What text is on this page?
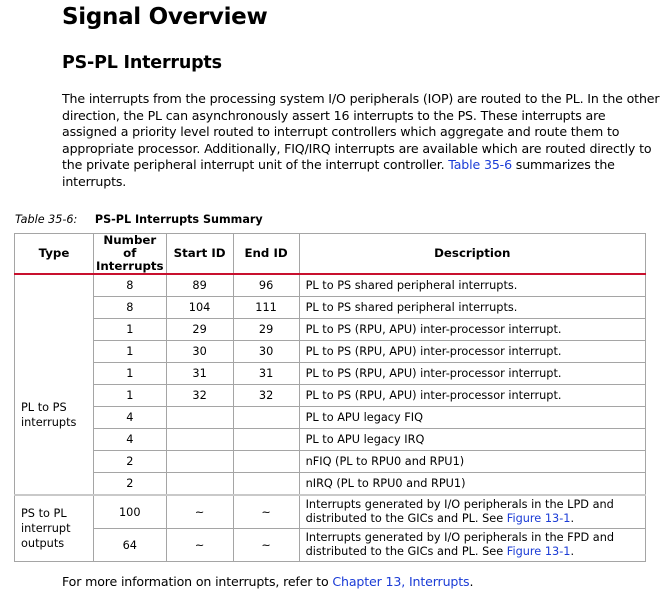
Signal Overview
PS-PL Interrupts
The interrupts from the processing system I/O peripherals (IOP) are routed to the PL. In the other direction, the PL can asynchronously assert 16 interrupts to the PS. These interrupts are assigned a priority level routed to interrupt controllers which aggregate and route them to appropriate processor. Additionally, FIQ/IRQ interrupts are available which are routed directly to the private peripheral interrupt unit of the interrupt controller. Table 35-6 summarizes the interrupts.
Table 35-6: PS-PL Interrupts Summary
Type	Number of Interrupts	Start ID	End ID	Description
PL to PS interrupts	8	89	96	PL to PS shared peripheral interrupts.
	8	104	111	PL to PS shared peripheral interrupts.
	1	29	29	PL to PS (RPU, APU) inter-processor interrupt.
	1	30	30	PL to PS (RPU, APU) inter-processor interrupt.
	1	31	31	PL to PS (RPU, APU) inter-processor interrupt.
	1	32	32	PL to PS (RPU, APU) inter-processor interrupt.
	4			PL to APU legacy FIQ
	4			PL to APU legacy IRQ
	2			nFIQ (PL to RPU0 and RPU1)
	2			nIRQ (PL to RPU0 and RPU1)
PS to PL interrupt outputs	100	~	~	Interrupts generated by I/O peripherals in the LPD and distributed to the GICs and PL. See Figure 13-1.
	64	~	~	Interrupts generated by I/O peripherals in the FPD and distributed to the GICs and PL. See Figure 13-1.
For more information on interrupts, refer to Chapter 13, Interrupts.
